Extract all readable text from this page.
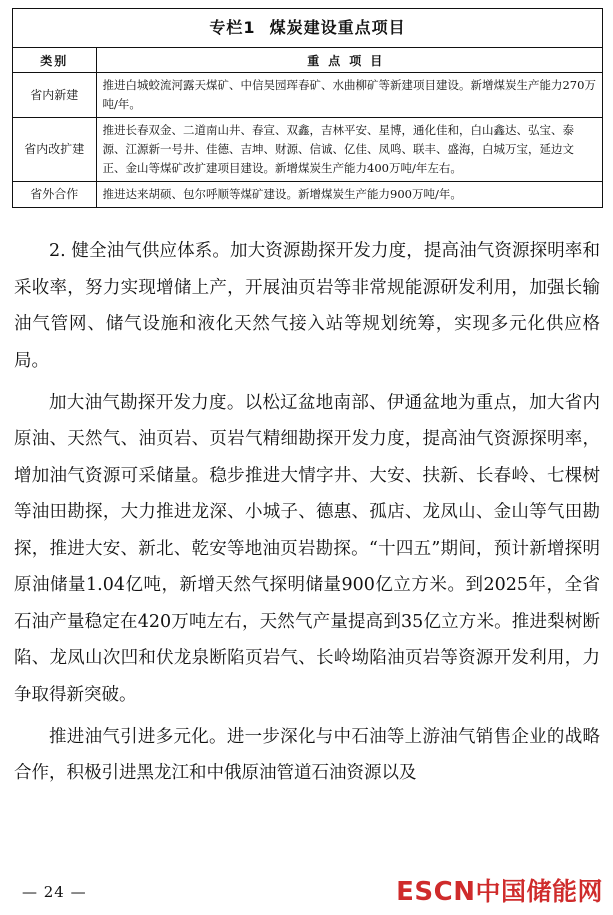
专栏1 煤炭建设重点项目
类别	重点项目
省内新建	推进白城蛟流河露天煤矿、中信昊园珲春矿、水曲柳矿等新建项目建设。新增煤炭生产能力270万吨/年。
省内改扩建	推进长春双金、二道南山井、春宣、双鑫，吉林平安、星博，通化佳和，白山鑫达、弘宝、泰源、江源新一号井、佳德、吉坤、财源、信诚、亿佳、凤鸣、联丰、盛海，白城万宝，延边文正、金山等煤矿改扩建项目建设。新增煤炭生产能力400万吨/年左右。
省外合作	推进达来胡硕、包尔呼顺等煤矿建设。新增煤炭生产能力900万吨/年。

2. 健全油气供应体系。加大资源勘探开发力度，提高油气资源探明率和采收率，努力实现增储上产，开展油页岩等非常规能源研发利用，加强长输油气管网、储气设施和液化天然气接入站等规划统筹，实现多元化供应格局。

加大油气勘探开发力度。以松辽盆地南部、伊通盆地为重点，加大省内原油、天然气、油页岩、页岩气精细勘探开发力度，提高油气资源探明率，增加油气资源可采储量。稳步推进大情字井、大安、扶新、长春岭、七棵树等油田勘探，大力推进龙深、小城子、德惠、孤店、龙凤山、金山等气田勘探，推进大安、新北、乾安等地油页岩勘探。“十四五”期间，预计新增探明原油储量1.04亿吨，新增天然气探明储量900亿立方米。到2025年，全省石油产量稳定在420万吨左右，天然气产量提高到35亿立方米。推进梨树断陷、龙凤山次凹和伏龙泉断陷页岩气、长岭坳陷油页岩等资源开发利用，力争取得新突破。

推进油气引进多元化。进一步深化与中石油等上游油气销售企业的战略合作，积极引进黑龙江和中俄原油管道石油资源以及

— 24 —	ESCN中国储能网
